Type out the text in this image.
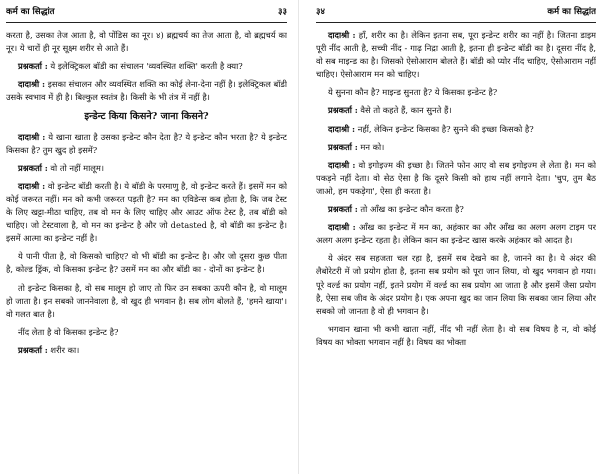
कर्म का सिद्धांत	३३

करता है, उसका तेज आता है, वो पोंडिस का नूर। ४) ब्रह्मचर्य का तेज आता है, वो ब्रह्मचर्य का नूर। ये चारों ही नूर सूक्ष्म शरीर से आते हैं।

प्रश्नकर्ता : ये इलेक्ट्रिकल बॉडी का संचालन 'व्यवस्थित शक्ति' करती है क्या?

दादाश्री : इसका संचालन और व्यवस्थित शक्ति का कोई लेना-देना नहीं है। इलेक्ट्रिकल बॉडी उसके स्वभाव में ही है। बिल्कुल स्वतंत्र है। किसी के भी तंत्र में नहीं है।

इन्डेन्ट किया किसने? जाना किसने?

दादाश्री : ये खाना खाता है उसका इन्डेन्ट कौन देता है? ये इन्डेन्ट कौन भरता है? ये इन्डेन्ट किसका है? तुम खुद हो इसमें?

प्रश्नकर्ता : वो तो नहीं मालूम।

दादाश्री : वो इन्डेन्ट बॉडी करती है। ये बॉडी के परमाणु है, वो इन्डेन्ट करते हैं। इसमें मन को कोई जरूरत नहीं। मन को कभी जरूरत पड़ती है? मन का एविडेन्स कब होता है, कि जब टेस्ट के लिए खट्टा-मीठा चाहिए, तब वो मन के लिए चाहिए और आउट ऑफ टेस्ट है, तब बॉडी को चाहिए। जो टेस्टवाला है, वो मन का इन्डेन्ट है और जो detasted है, वो बॉडी का इन्डेन्ट है। इसमें आत्मा का इन्डेन्ट नहीं है।

ये पानी पीता है, वो किसको चाहिए? वो भी बॉडी का इन्डेन्ट है। और जो दूसरा कुछ पीता है, कोल्ड ड्रिंक, वो किसका इन्डेन्ट है? उसमें मन का और बॉडी का - दोनों का इन्डेन्ट है।

तो इन्डेन्ट किसका है, वो सब मालूम हो जाए तो फिर उन सबका ऊपरी कौन है, वो मालूम हो जाता है। इन सबको जाननेवाला है, वो खुद ही भगवान है। सब लोग बोलते हैं, 'हमने खाया'। वो गलत बात है।

नींद लेता है वो किसका इन्डेन्ट है?

प्रश्नकर्ता : शरीर का।

३४	कर्म का सिद्धांत

दादाश्री : हाँ, शरीर का है। लेकिन इतना सब, पूरा इन्डेन्ट शरीर का नहीं है। जितना डाइम पूरी नींद आती है, सच्ची नींद - गाढ़ निद्रा आती है, इतना ही इन्डेन्ट बॉडी का है। दूसरा नींद है, वो सब माइन्ड का है। जिसको ऐसोआराम बोलते हैं। बॉडी को प्योर नींद चाहिए, ऐसोआराम नहीं चाहिए। ऐसोआराम मन को चाहिए।

ये सुनना कौन है? माइन्ड सुनता है? ये किसका इन्डेन्ट है?

प्रश्नकर्ता : वैसे तो कहते हैं, कान सुनते हैं।

दादाश्री : नहीं, लेकिन इन्डेन्ट किसका है? सुनने की इच्छा किसको है?

प्रश्नकर्ता : मन को।

दादाश्री : वो इगोइज्म की इच्छा है। जितने फोन आए वो सब इगोइज्म ले लेता है। मन को पकड़ने नहीं देता। वो सेठ ऐसा है कि दूसरे किसी को हाथ नहीं लगाने देता। 'चुप, तुम बैठ जाओ, हम पकड़ेगा', ऐसा ही करता है।

प्रश्नकर्ता : तो आँख का इन्डेन्ट कौन करता है?

दादाश्री : आँख का इन्डेन्ट में मन का, अहंकार का और आँख का अलग अलग टाइम पर अलग अलग इन्डेन्ट रहता है। लेकिन कान का इन्डेन्ट खास करके अहंकार को आदत है।

ये अंदर सब सहजता चल रहा है, इसमें सब देखने का है, जानने का है। ये अंदर की लैबोरेटरी में जो प्रयोग होता है, इतना सब प्रयोग को पूरा जान लिया, वो खुद भगवान हो गया। पूरे वर्ल्ड का प्रयोग नहीं, इतने प्रयोग में वर्ल्ड का सब प्रयोग आ जाता है और इसमें जैसा प्रयोग है, ऐसा सब जीव के अंदर प्रयोग है। एक अपना खुद का जान लिया कि सबका जान लिया और सबको जो जानता है वो ही भगवान है।

भगवान खाना भी कभी खाता नहीं, नींद भी नहीं लेता है। वो सब विषय है न, वो कोई विषय का भोक्ता भगवान नहीं है। विषय का भोक्ता
